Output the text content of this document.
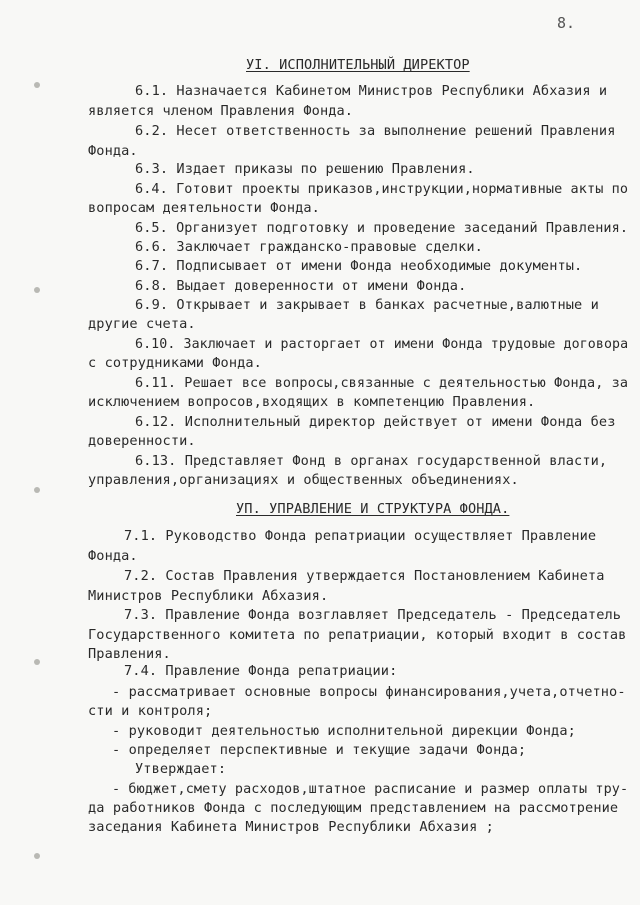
8.
УI. ИСПОЛНИТЕЛЬНЫЙ ДИРЕКТОР
6.1. Назначается Кабинетом Министров Республики Абхазия и
является членом Правления Фонда.
6.2. Несет ответственность за выполнение решений Правления
Фонда.
6.3. Издает приказы по решению Правления.
6.4. Готовит проекты приказов,инструкции,нормативные акты по
вопросам деятельности Фонда.
6.5. Организует подготовку и проведение заседаний Правления.
6.6. Заключает гражданско-правовые сделки.
6.7. Подписывает от имени Фонда необходимые документы.
6.8. Выдает доверенности от имени Фонда.
6.9. Открывает и закрывает в банках расчетные,валютные и
другие счета.
6.10. Заключает и расторгает от имени Фонда трудовые договора
с сотрудниками Фонда.
6.11. Решает все вопросы,связанные с деятельностью Фонда, за
исключением вопросов,входящих в компетенцию Правления.
6.12. Исполнительный директор действует от имени Фонда без
доверенности.
6.13. Представляет Фонд в органах государственной власти,
управления,организациях и общественных объединениях.
УП. УПРАВЛЕНИЕ И СТРУКТУРА ФОНДА.
7.1. Руководство Фонда репатриации осуществляет Правление
Фонда.
7.2. Состав Правления утверждается Постановлением Кабинета
Министров Республики Абхазия.
7.3. Правление Фонда возглавляет Председатель - Председатель
Государственного комитета по репатриации, который входит в состав
Правления.
7.4. Правление Фонда репатриации:
- рассматривает основные вопросы финансирования,учета,отчетно-
сти и контроля;
- руководит деятельностью исполнительной дирекции Фонда;
- определяет перспективные и текущие задачи Фонда;
Утверждает:
- бюджет,смету расходов,штатное расписание и размер оплаты тру-
да работников Фонда с последующим представлением на рассмотрение
заседания Кабинета Министров Республики Абхазия ;
